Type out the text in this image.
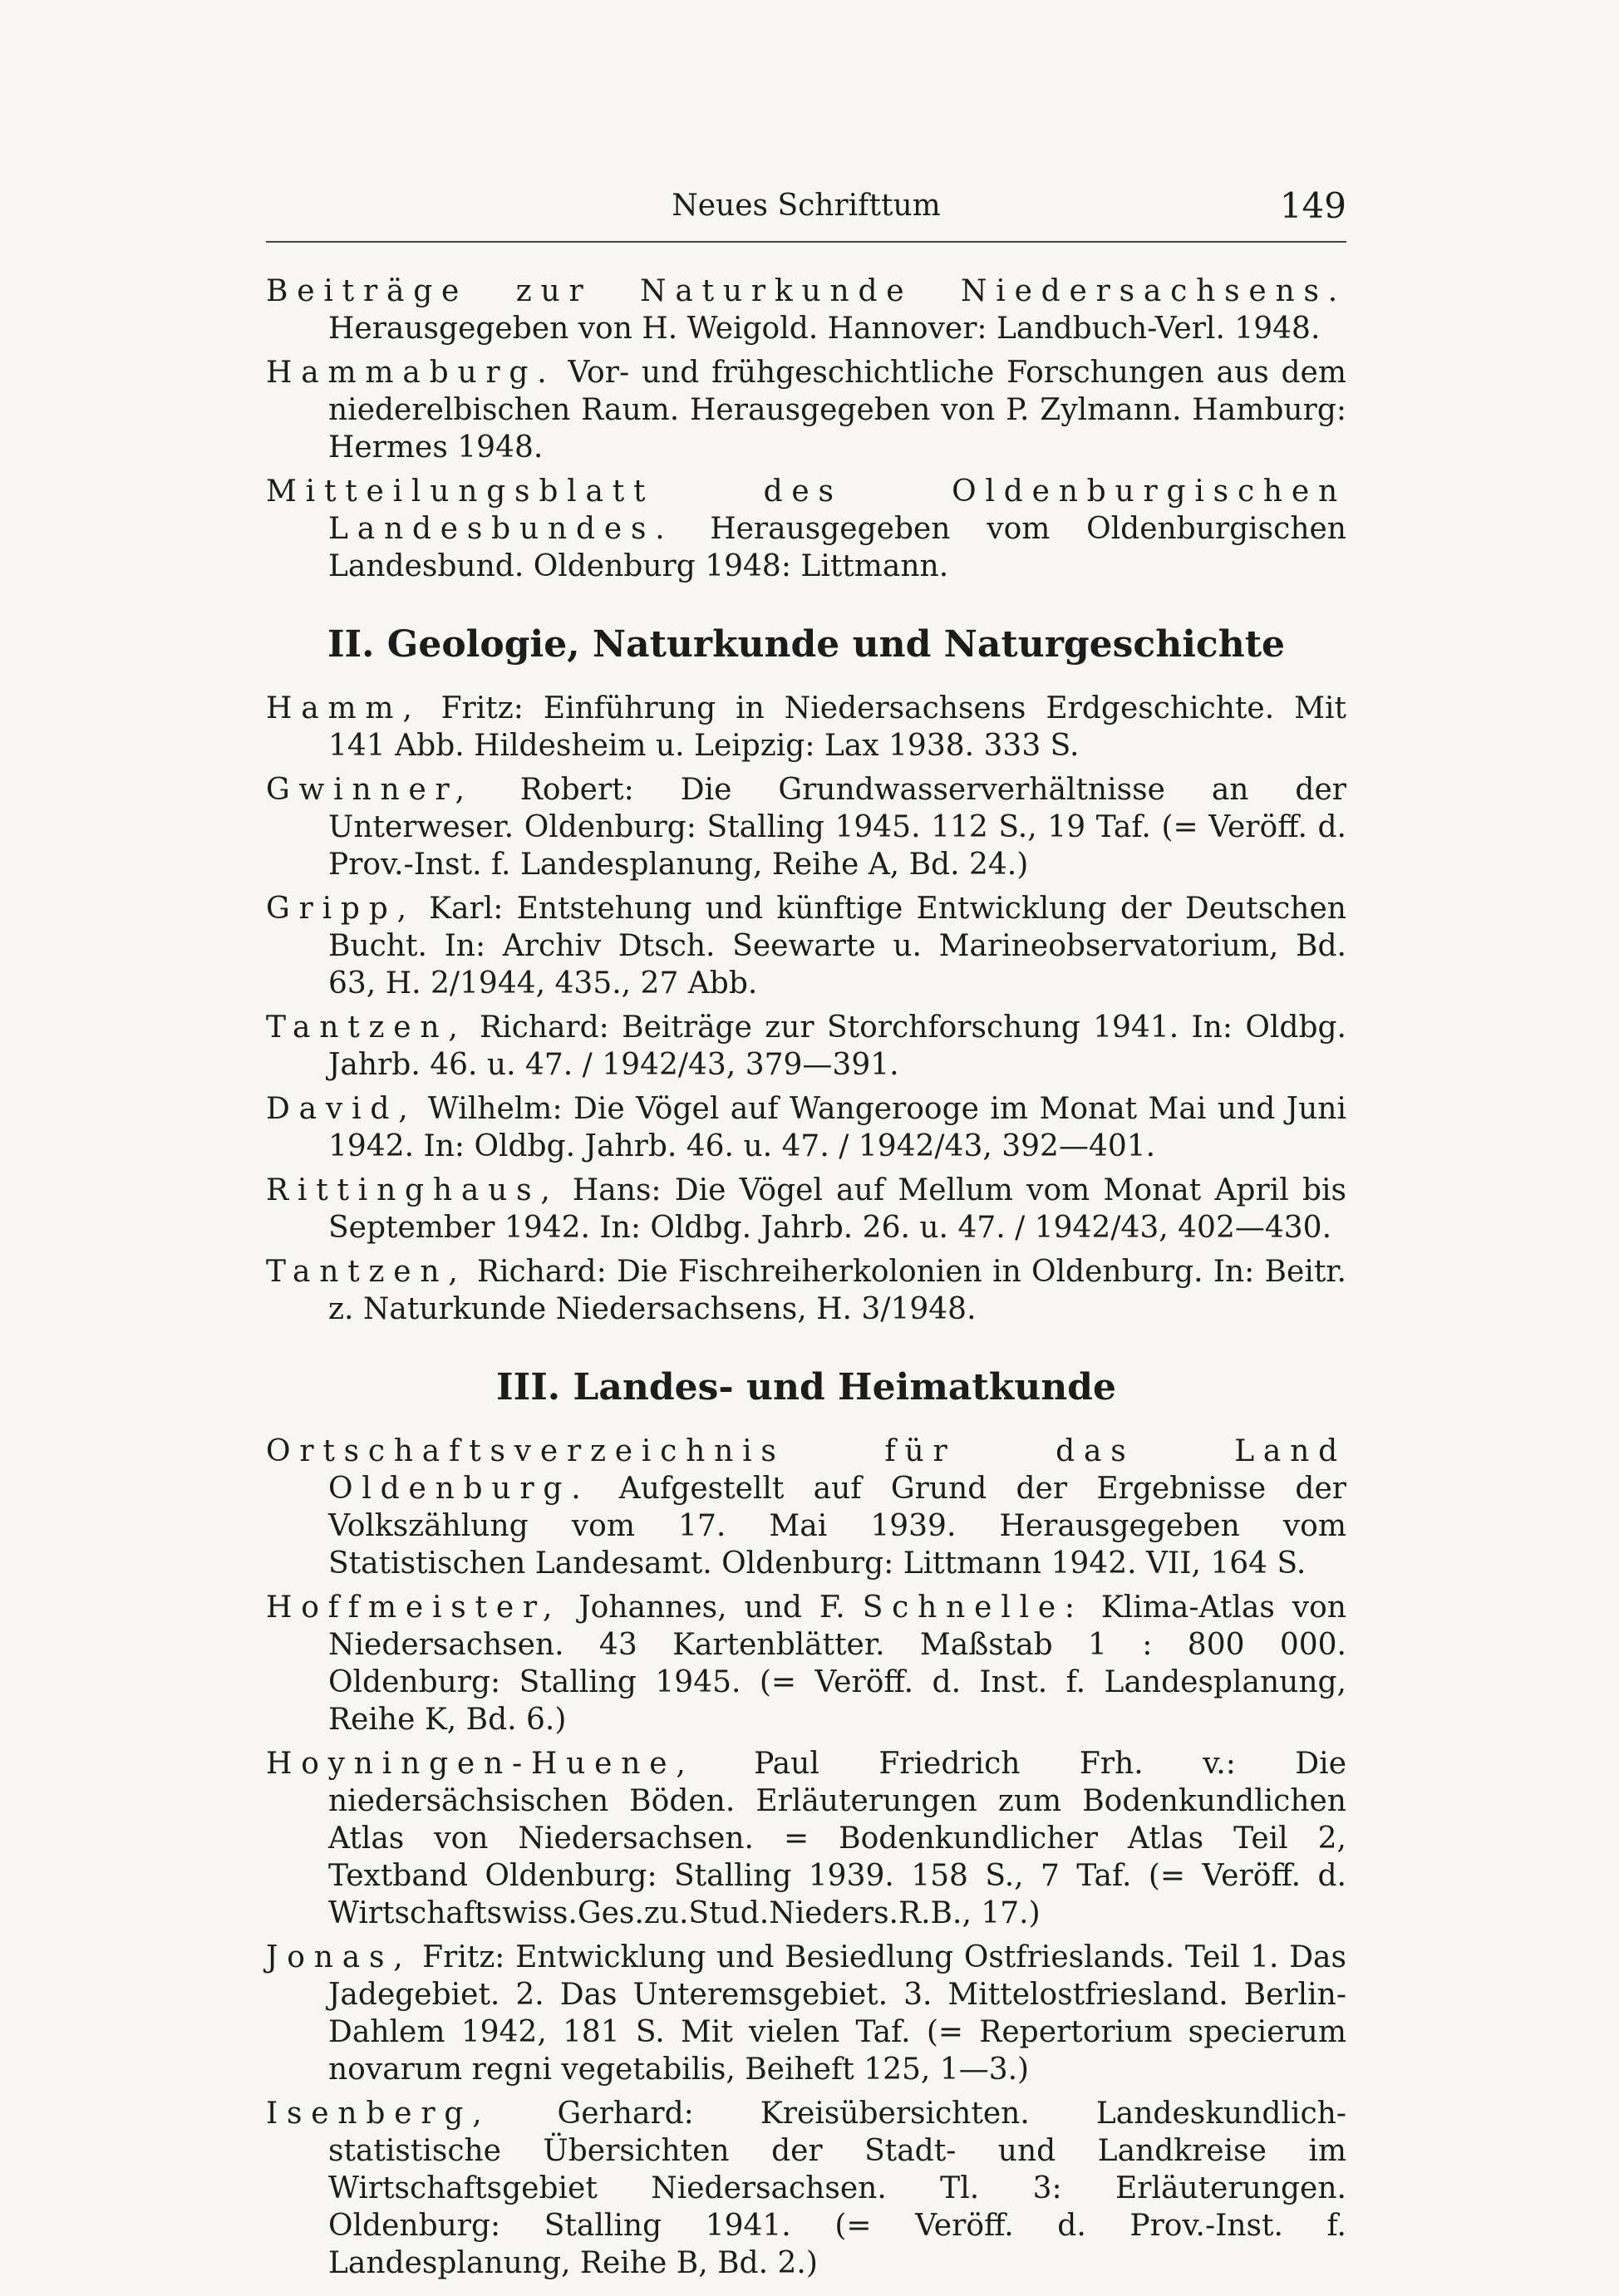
Neues Schrifttum	149

Beiträge zur Naturkunde Niedersachsens. Herausgegeben von H. Weigold. Hannover: Landbuch-Verl. 1948.

Hammaburg. Vor- und frühgeschichtliche Forschungen aus dem niederelbischen Raum. Herausgegeben von P. Zylmann. Hamburg: Hermes 1948.

Mitteilungsblatt des Oldenburgischen Landesbundes. Herausgegeben vom Oldenburgischen Landesbund. Oldenburg 1948: Littmann.

II. Geologie, Naturkunde und Naturgeschichte

Hamm, Fritz: Einführung in Niedersachsens Erdgeschichte. Mit 141 Abb. Hildesheim u. Leipzig: Lax 1938. 333 S.

Gwinner, Robert: Die Grundwasserverhältnisse an der Unterweser. Oldenburg: Stalling 1945. 112 S., 19 Taf. (= Veröff. d. Prov.-Inst. f. Landesplanung, Reihe A, Bd. 24.)

Gripp, Karl: Entstehung und künftige Entwicklung der Deutschen Bucht. In: Archiv Dtsch. Seewarte u. Marineobservatorium, Bd. 63, H. 2/1944, 435., 27 Abb.

Tantzen, Richard: Beiträge zur Storchforschung 1941. In: Oldbg. Jahrb. 46. u. 47. / 1942/43, 379—391.

David, Wilhelm: Die Vögel auf Wangerooge im Monat Mai und Juni 1942. In: Oldbg. Jahrb. 46. u. 47. / 1942/43, 392—401.

Rittinghaus, Hans: Die Vögel auf Mellum vom Monat April bis September 1942. In: Oldbg. Jahrb. 26. u. 47. / 1942/43, 402—430.

Tantzen, Richard: Die Fischreiherkolonien in Oldenburg. In: Beitr. z. Naturkunde Niedersachsens, H. 3/1948.

III. Landes- und Heimatkunde

Ortschaftsverzeichnis für das Land Oldenburg. Aufgestellt auf Grund der Ergebnisse der Volkszählung vom 17. Mai 1939. Herausgegeben vom Statistischen Landesamt. Oldenburg: Littmann 1942. VII, 164 S.

Hoffmeister, Johannes, und F. Schnelle: Klima-Atlas von Niedersachsen. 43 Kartenblätter. Maßstab 1 : 800 000. Oldenburg: Stalling 1945. (= Veröff. d. Inst. f. Landesplanung, Reihe K, Bd. 6.)

Hoyningen-Huene, Paul Friedrich Frh. v.: Die niedersächsischen Böden. Erläuterungen zum Bodenkundlichen Atlas von Niedersachsen. = Bodenkundlicher Atlas Teil 2, Textband Oldenburg: Stalling 1939. 158 S., 7 Taf. (= Veröff. d. Wirtschaftswiss.Ges.zu.Stud.Nieders.R.B., 17.)

Jonas, Fritz: Entwicklung und Besiedlung Ostfrieslands. Teil 1. Das Jadegebiet. 2. Das Unteremsgebiet. 3. Mittelostfriesland. Berlin-Dahlem 1942, 181 S. Mit vielen Taf. (= Repertorium specierum novarum regni vegetabilis, Beiheft 125, 1—3.)

Isenberg, Gerhard: Kreisübersichten. Landeskundlich-statistische Übersichten der Stadt- und Landkreise im Wirtschaftsgebiet Niedersachsen. Tl. 3: Erläuterungen. Oldenburg: Stalling 1941. (= Veröff. d. Prov.-Inst. f. Landesplanung, Reihe B, Bd. 2.)
